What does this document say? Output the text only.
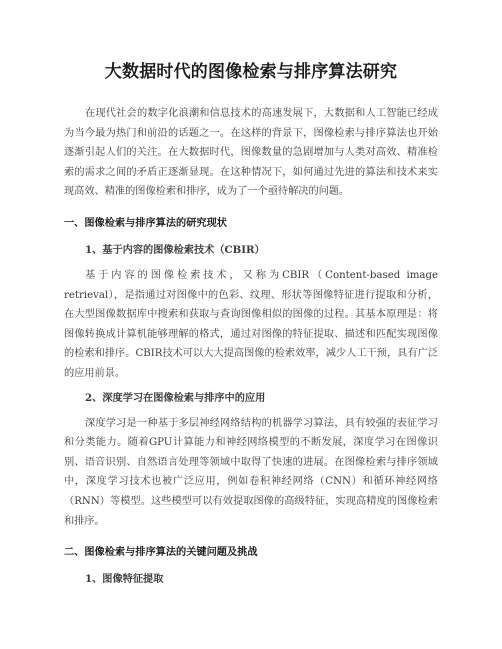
大数据时代的图像检索与排序算法研究

在现代社会的数字化浪潮和信息技术的高速发展下，大数据和人工智能已经成为当今最为热门和前沿的话题之一。在这样的背景下，图像检索与排序算法也开始逐渐引起人们的关注。在大数据时代，图像数量的急剧增加与人类对高效、精准检索的需求之间的矛盾正逐渐显现。在这种情况下，如何通过先进的算法和技术来实现高效、精准的图像检索和排序，成为了一个亟待解决的问题。

一、图像检索与排序算法的研究现状
1、基于内容的图像检索技术（CBIR）

基于内容的图像检索技术，又称为CBIR（Content-based image retrieval），是指通过对图像中的色彩、纹理、形状等图像特征进行提取和分析，在大型图像数据库中搜索和获取与查询图像相似的图像的过程。其基本原理是：将图像转换成计算机能够理解的格式，通过对图像的特征提取、描述和匹配实现图像的检索和排序。CBIR技术可以大大提高图像的检索效率，减少人工干预，具有广泛的应用前景。

2、深度学习在图像检索与排序中的应用

深度学习是一种基于多层神经网络结构的机器学习算法，具有较强的表征学习和分类能力。随着GPU计算能力和神经网络模型的不断发展，深度学习在图像识别、语音识别、自然语言处理等领域中取得了快速的进展。在图像检索与排序领域中，深度学习技术也被广泛应用，例如卷积神经网络（CNN）和循环神经网络（RNN）等模型。这些模型可以有效提取图像的高级特征，实现高精度的图像检索和排序。

二、图像检索与排序算法的关键问题及挑战
1、图像特征提取
